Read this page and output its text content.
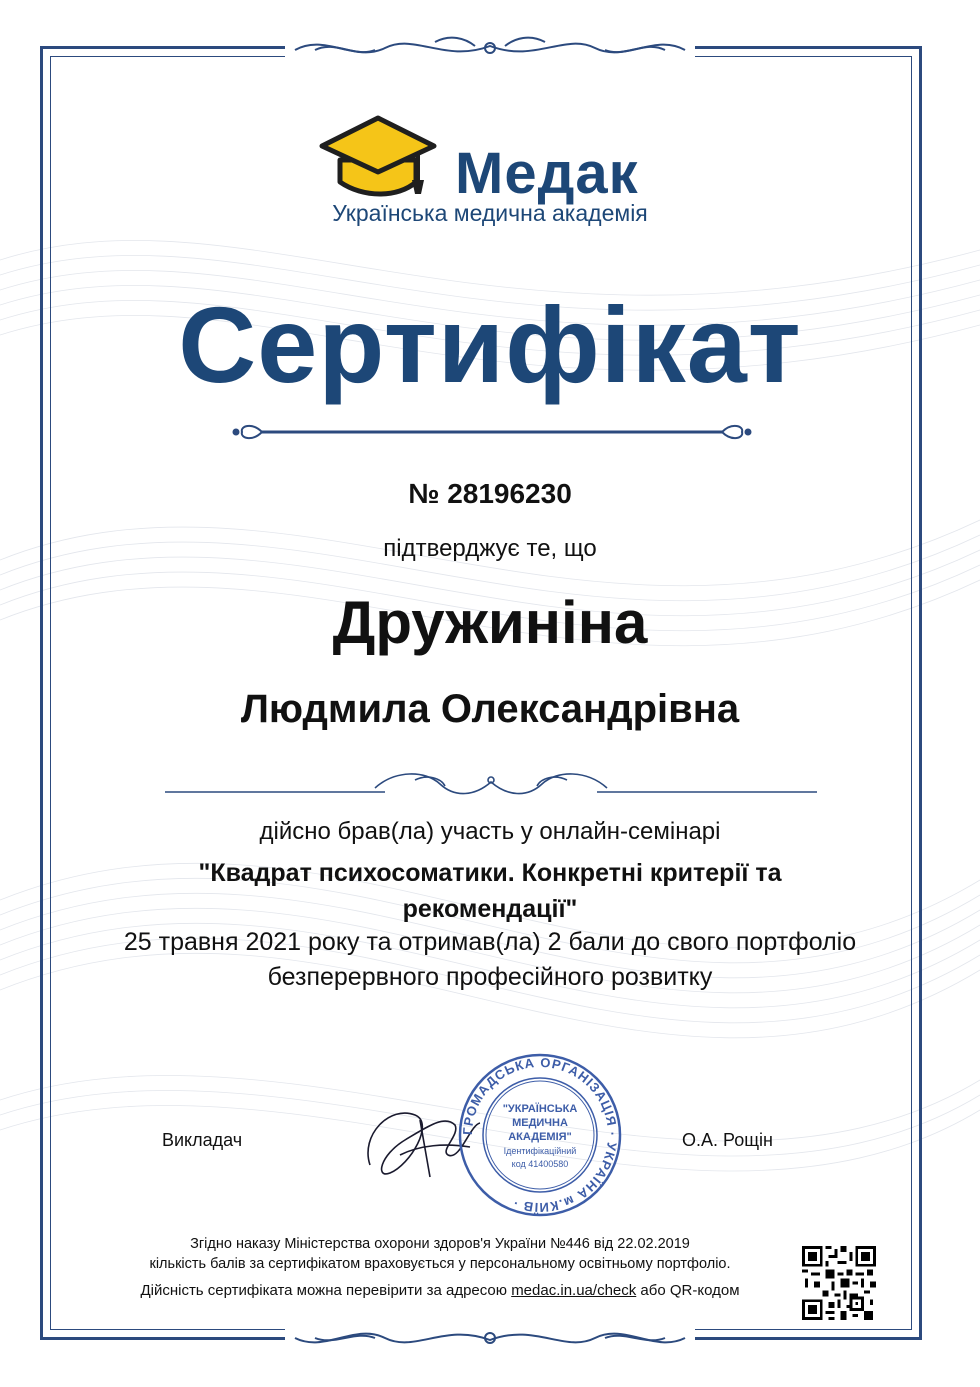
Медак
Українська медична академія
Сертифікат
№ 28196230
підтверджує те, що
Дружиніна
Людмила Олександрівна
дійсно брав(ла) участь у онлайн-семінарі
"Квадрат психосоматики. Конкретні критерії та рекомендації"
25 травня 2021 року та отримав(ла) 2 бали до свого портфоліо безперервного професійного розвитку
Викладач	ГРОМАДСЬКА ОРГАНІЗАЦІЯ · УКРАЇНА м.КИЇВ ·
"УКРАЇНСЬКА
МЕДИЧНА
АКАДЕМІЯ"
Ідентифікаційний
код 41400580
О.А. Рощін
Згідно наказу Міністерства охорони здоров'я України №446 від 22.02.2019
кількість балів за сертифікатом враховується у персональному освітньому портфоліо.
Дійсність сертифіката можна перевірити за адресою medac.in.ua/check або QR-кодом
